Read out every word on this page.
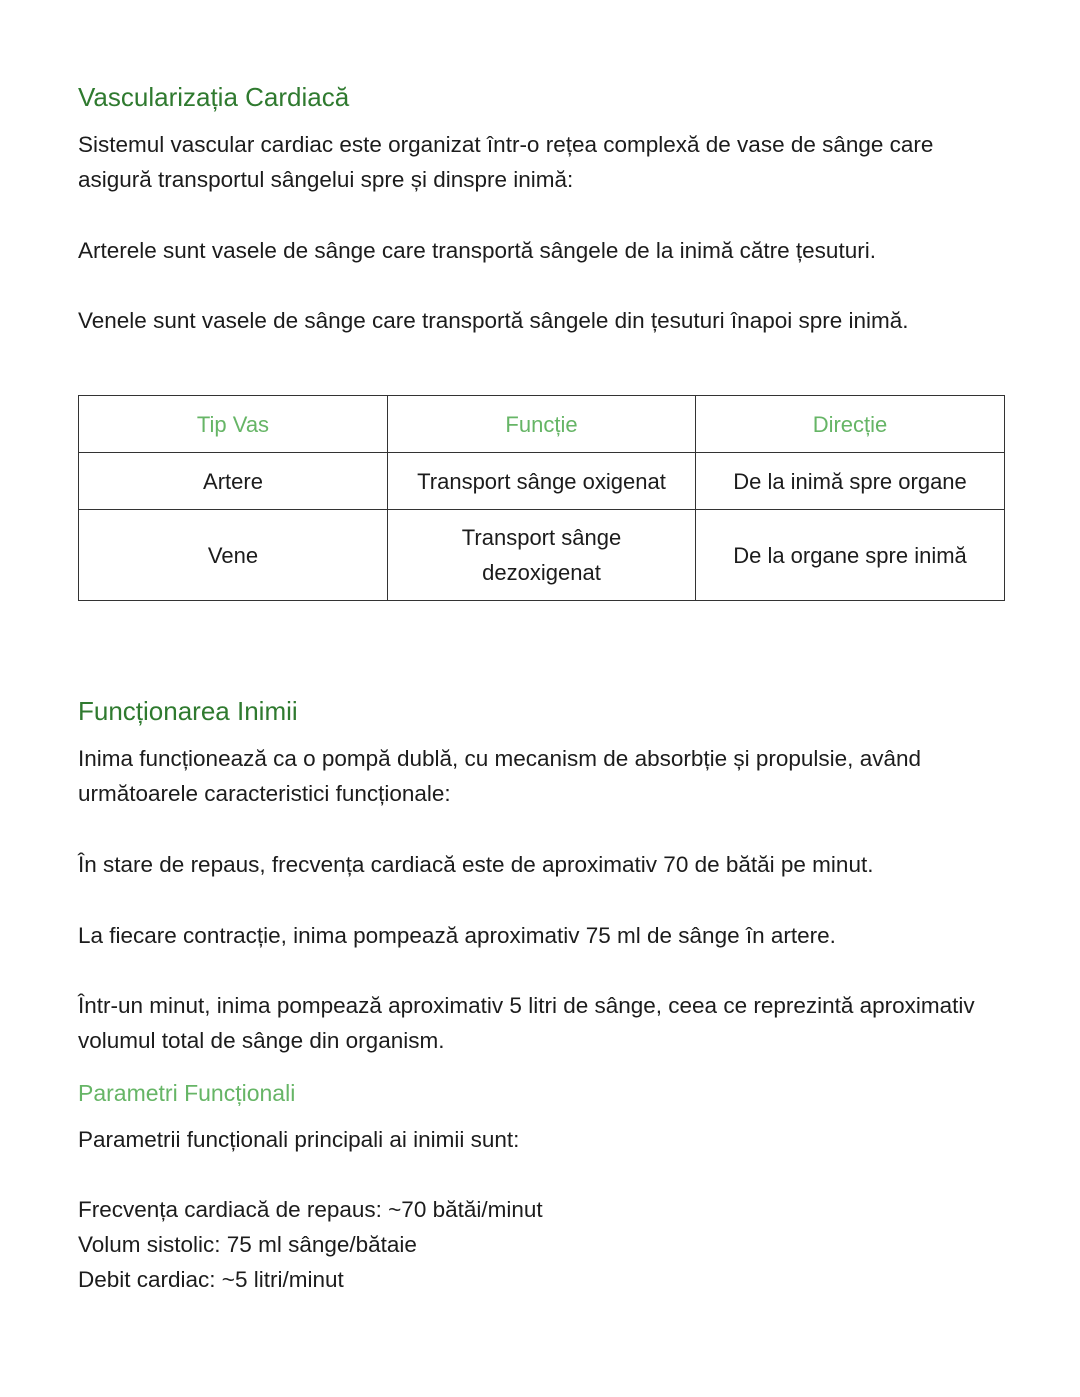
Vascularizația Cardiacă

Sistemul vascular cardiac este organizat într-o rețea complexă de vase de sânge care asigură transportul sângelui spre și dinspre inimă:

Arterele sunt vasele de sânge care transportă sângele de la inimă către țesuturi.

Venele sunt vasele de sânge care transportă sângele din țesuturi înapoi spre inimă.

Tip Vas	Funcție	Direcție
Artere	Transport sânge oxigenat	De la inimă spre organe
Vene	Transport sânge dezoxigenat	De la organe spre inimă
Funcționarea Inimii

Inima funcționează ca o pompă dublă, cu mecanism de absorbție și propulsie, având următoarele caracteristici funcționale:

În stare de repaus, frecvența cardiacă este de aproximativ 70 de bătăi pe minut.

La fiecare contracție, inima pompează aproximativ 75 ml de sânge în artere.

Într-un minut, inima pompează aproximativ 5 litri de sânge, ceea ce reprezintă aproximativ volumul total de sânge din organism.

Parametri Funcționali

Parametrii funcționali principali ai inimii sunt:

Frecvența cardiacă de repaus: ~70 bătăi/minut
Volum sistolic: 75 ml sânge/bătaie
Debit cardiac: ~5 litri/minut
